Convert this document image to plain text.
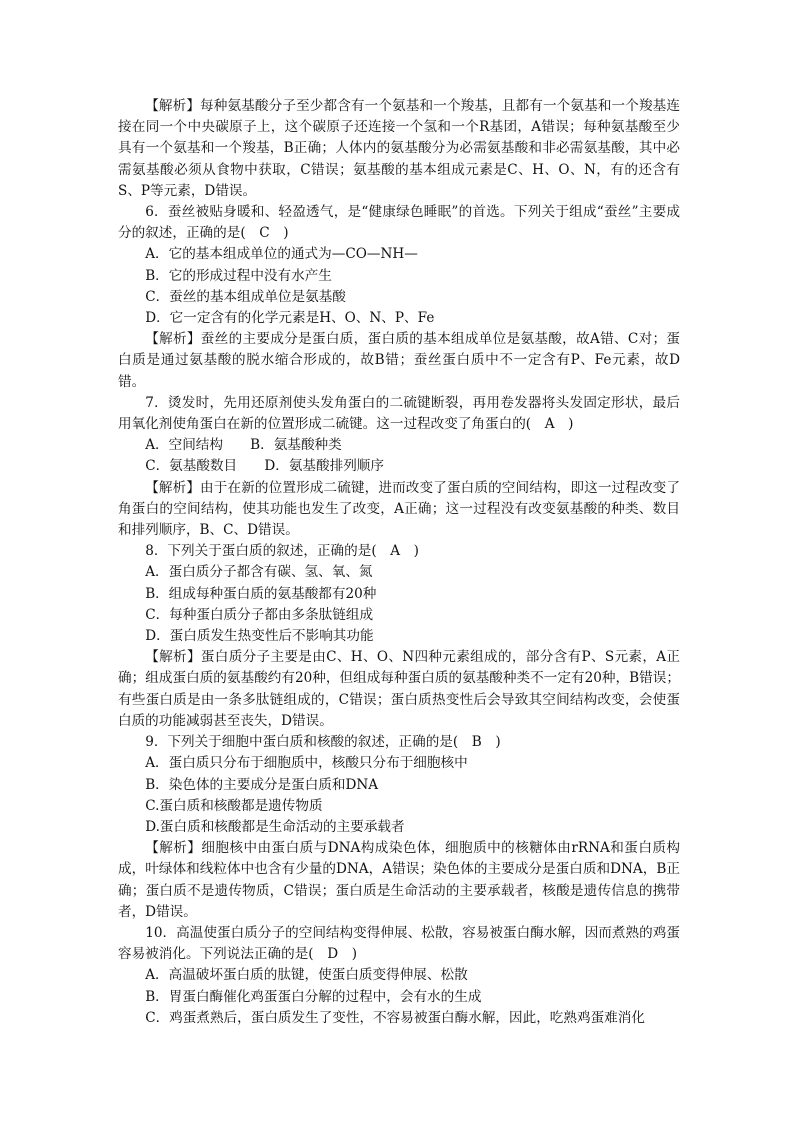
【解析】每种氨基酸分子至少都含有一个氨基和一个羧基，且都有一个氨基和一个羧基连接在同一个中央碳原子上，这个碳原子还连接一个氢和一个R基团，A错误；每种氨基酸至少具有一个氨基和一个羧基，B正确；人体内的氨基酸分为必需氨基酸和非必需氨基酸，其中必需氨基酸必须从食物中获取，C错误；氨基酸的基本组成元素是C、H、O、N，有的还含有S、P等元素，D错误。

6．蚕丝被贴身暖和、轻盈透气，是“健康绿色睡眠”的首选。下列关于组成“蚕丝”主要成分的叙述，正确的是(　C　)

A．它的基本组成单位的通式为—CO—NH—

B．它的形成过程中没有水产生

C．蚕丝的基本组成单位是氨基酸

D．它一定含有的化学元素是H、O、N、P、Fe

【解析】蚕丝的主要成分是蛋白质，蛋白质的基本组成单位是氨基酸，故A错、C对；蛋白质是通过氨基酸的脱水缩合形成的，故B错；蚕丝蛋白质中不一定含有P、Fe元素，故D错。

7．烫发时，先用还原剂使头发角蛋白的二硫键断裂，再用卷发器将头发固定形状，最后用氧化剂使角蛋白在新的位置形成二硫键。这一过程改变了角蛋白的(　A　)

A．空间结构 B．氨基酸种类

C．氨基酸数目 D．氨基酸排列顺序

【解析】由于在新的位置形成二硫键，进而改变了蛋白质的空间结构，即这一过程改变了角蛋白的空间结构，使其功能也发生了改变，A正确；这一过程没有改变氨基酸的种类、数目和排列顺序，B、C、D错误。

8．下列关于蛋白质的叙述，正确的是(　A　)

A．蛋白质分子都含有碳、氢、氧、氮

B．组成每种蛋白质的氨基酸都有20种

C．每种蛋白质分子都由多条肽链组成

D．蛋白质发生热变性后不影响其功能

【解析】蛋白质分子主要是由C、H、O、N四种元素组成的，部分含有P、S元素，A正确；组成蛋白质的氨基酸约有20种，但组成每种蛋白质的氨基酸种类不一定有20种，B错误；有些蛋白质是由一条多肽链组成的，C错误；蛋白质热变性后会导致其空间结构改变，会使蛋白质的功能减弱甚至丧失，D错误。

9．下列关于细胞中蛋白质和核酸的叙述，正确的是(　B　)

A．蛋白质只分布于细胞质中，核酸只分布于细胞核中

B．染色体的主要成分是蛋白质和DNA

C.蛋白质和核酸都是遗传物质

D.蛋白质和核酸都是生命活动的主要承载者

【解析】细胞核中由蛋白质与DNA构成染色体，细胞质中的核糖体由rRNA和蛋白质构成，叶绿体和线粒体中也含有少量的DNA，A错误；染色体的主要成分是蛋白质和DNA，B正确；蛋白质不是遗传物质，C错误；蛋白质是生命活动的主要承载者，核酸是遗传信息的携带者，D错误。

10．高温使蛋白质分子的空间结构变得伸展、松散，容易被蛋白酶水解，因而煮熟的鸡蛋容易被消化。下列说法正确的是(　D　)

A．高温破坏蛋白质的肽键，使蛋白质变得伸展、松散

B．胃蛋白酶催化鸡蛋蛋白分解的过程中，会有水的生成

C．鸡蛋煮熟后，蛋白质发生了变性，不容易被蛋白酶水解，因此，吃熟鸡蛋难消化
